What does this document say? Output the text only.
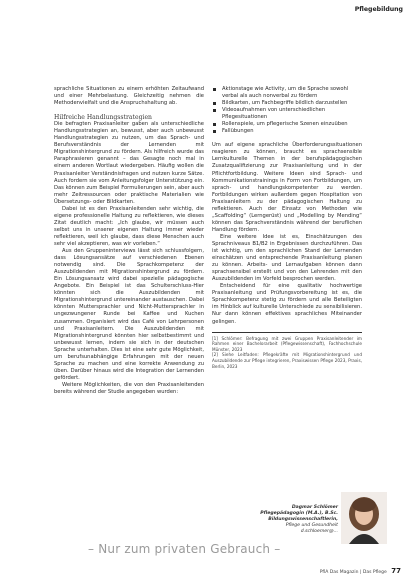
Pflegebildung

sprachliche Situationen zu einem erhöhten Zeitaufwand und einer Mehrbelastung. Gleichzeitig nehmen die Methodenvielfalt und die Anspruchshaltung ab.

Hilfreiche Handlungsstrategien

Die befragten Praxisanleiter gaben als unterschiedliche Handlungsstrategien an, bewusst, aber auch unbewusst Handlungsstrategien zu nutzen, um das Sprach- und Berufsverständnis der Lernenden mit Migrationshintergrund zu fördern. Als hilfreich wurde das Paraphrasieren genannt – das Gesagte noch mal in einem anderen Wortlaut wiedergeben. Häufig wollen die Praxisanleiter Verständnisfragen und nutzen kurze Sätze. Auch fordern sie vom Anleitungsfolger Unterstützung ein. Das können zum Beispiel Formulierungen sein, aber auch mehr Zeitressourcen oder praktische Materialien wie Übersetzungs- oder Bildkarten.

Dabei ist es den Praxisanleitenden sehr wichtig, die eigene professionelle Haltung zu reflektieren, wie dieses Zitat deutlich macht: „Ich glaube, wir müssen auch selbst uns in unserer eigenen Haltung immer wieder reflektieren, weil ich glaube, dass diese Menschen auch sehr viel akzeptieren, was wir vorleben.“

Aus den Gruppeninterviews lässt sich schlussfolgern, dass Lösungsansätze auf verschiedenen Ebenen notwendig sind. Die Sprachkompetenz der Auszubildenden mit Migrationshintergrund zu fördern. Ein Lösungsansatz wird dabei spezielle pädagogische Angebote. Ein Beispiel ist das Schulterschluss-Hier könnten sich die Auszubildenden mit Migrationshintergrund untereinander austauschen. Dabei könnten Muttersprachler und Nicht-Muttersprachler in ungezwungener Runde bei Kaffee und Kuchen zusammen. Organisiert wird das Café von Lehrpersonen und Praxisanleitern. Die Auszubildenden mit Migrationshintergrund könnten hier selbstbestimmt und unbewusst lernen, indem sie sich in der deutschen Sprache unterhalten. Dies ist eine sehr gute Möglichkeit, um berufsunabhängige Erfahrungen mit der neuen Sprache zu machen und eine korrekte Anwendung zu üben. Darüber hinaus wird die Integration der Lernenden gefördert.

Weitere Möglichkeiten, die von den Praxisanleitenden bereits während der Studie angegeben wurden:

Aktionstage wie Activity, um die Sprache sowohl verbal als auch nonverbal zu fördern
Bildkarten, um Fachbegriffe bildlich darzustellen
Videoaufnahmen von unterschiedlichen Pflegesituationen
Rollenspiele, um pflegerische Szenen einzuüben
Fallübungen

Um auf eigene sprachliche Überforderungssituationen reagieren zu können, braucht es sprachsensible Lernkulturelle Themen in der berufspädagogischen Zusatzqualifizierung zur Praxisanleitung und in der Pflichtfortbildung. Weitere Ideen sind Sprach- und Kommunikationstrainings in Form von Fortbildungen, um sprach- und handlungskompetenter zu werden. Fortbildungen wirken außerdem gegen Hospitation von Praxisanleitern zu der pädagogischen Haltung zu reflektieren. Auch der Einsatz von Methoden wie „Scaffolding“ (Lerngerüst) und „Modelling by Mending“ können das Sprachverständnis während der beruflichen Handlung fördern.

Eine weitere Idee ist es, Einschätzungen des Sprachniveaus B1/B2 in Ergebnissen durchzuführen. Das ist wichtig, um den sprachlichen Stand der Lernenden einschätzen und entsprechende Praxisanleitung planen zu können. Arbeits- und Lernaufgaben können dann sprachsensibel erstellt und von den Lehrenden mit den Auszubildenden im Vorfeld besprochen werden.

Entscheidend für eine qualitativ hochwertige Praxisanleitung und Prüfungsvorbereitung ist es, die Sprachkompetenz stetig zu fördern und alle Beteiligten im Hinblick auf kulturelle Unterschiede zu sensibilisieren. Nur dann können effektives sprachliches Miteinander gelingen.

[1] Schlömer: Befragung mit zwei Gruppen Praxisanleitender im Rahmen einer Bachelorarbeit (Pflegewissenschaft), Fachhochschule Münster, 2023

[2] Siehe Leitfaden: Pflegekräfte mit Migrationshintergrund und Auszubildende zur Pflege integrieren, Praxiswissen Pflege 2023, Praxis, Berlin, 2023

Dagmar Schlömer
Pflegepädagogin (M.A.), B.Sc. Bildungswissenschaftlerin,
Pflege und Gesundheit
d.schloemer@...
– Nur zum privaten Gebrauch –
PflA Das Magazin | Das Pflege 77
